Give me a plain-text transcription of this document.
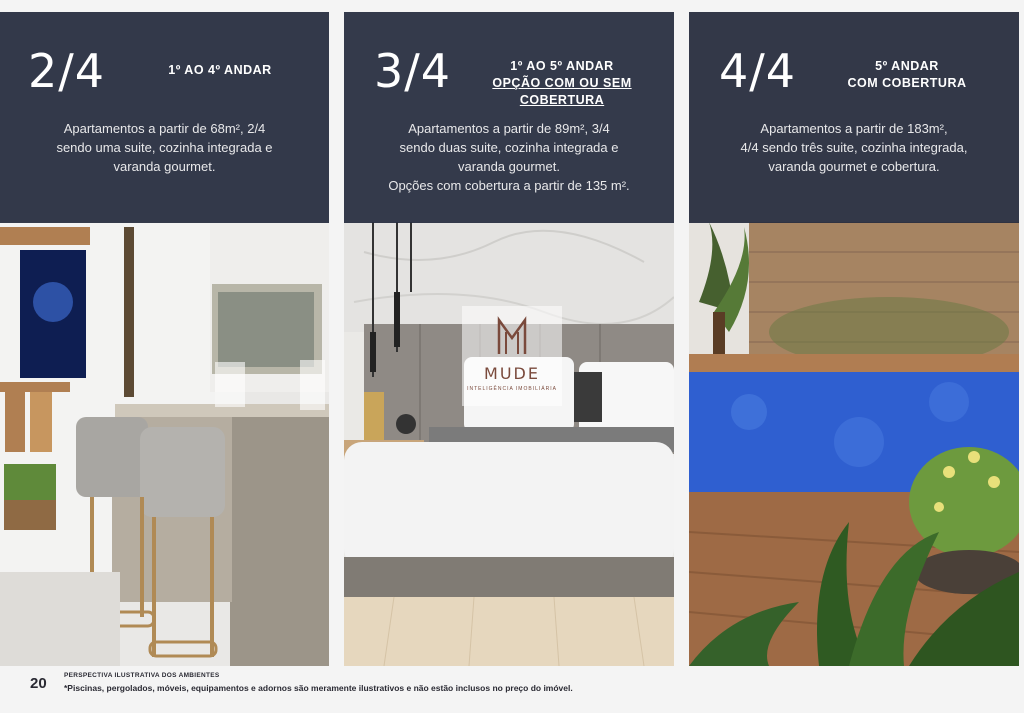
2/4	1º AO 4º ANDAR
Apartamentos a partir de 68m², 2/4
sendo uma suite, cozinha integrada e
varanda gourmet.
3/4	1º AO 5º ANDAR
OPÇÃO COM OU SEM
COBERTURA
Apartamentos a partir de 89m², 3/4
sendo duas suite, cozinha integrada e
varanda gourmet.
Opções com cobertura a partir de 135 m².
4/4	5º ANDAR
COM COBERTURA
Apartamentos a partir de 183m²,
4/4 sendo três suite, cozinha integrada,
varanda gourmet e cobertura.
MUDE
INTELIGÊNCIA IMOBILIÁRIA
20	PERSPECTIVA ILUSTRATIVA DOS AMBIENTES
*Piscinas, pergolados, móveis, equipamentos e adornos são meramente ilustrativos e não estão inclusos no preço do imóvel.
